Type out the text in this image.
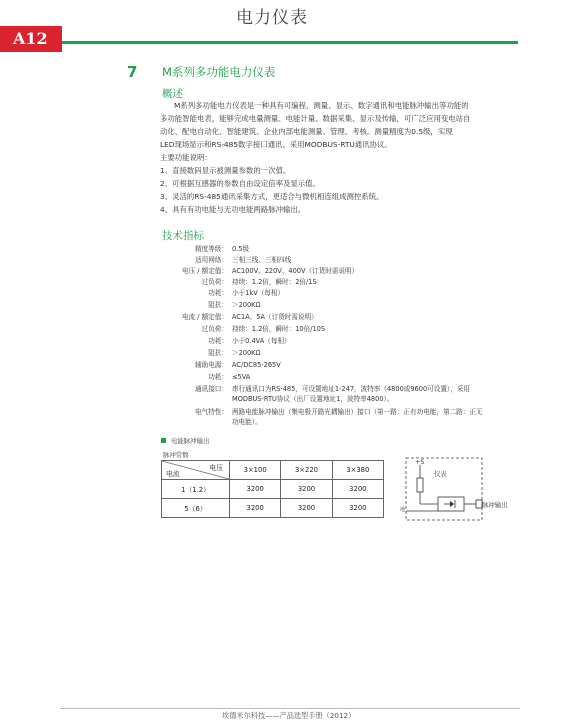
电力仪表
A12
7 M系列多功能电力仪表
概述

M系列多功能电力仪表是一种具有可编程、测量、显示、数字通讯和电能脉冲输出等功能的

多功能智能电表，能够完成电量测量、电能计量、数据采集、显示及传输，可广泛应用变电站自

动化、配电自动化、智能建筑、企业内部电能测量、管理、考核。测量精度为0.5级，实现

LED现场显示和RS-485数字接口通讯、采用MODBUS-RTU通讯协议。

主要功能说明：

1、直接数码显示被测量参数的一次值。

2、可根据互感器的参数自由设定倍率及显示值。

3、灵活的RS-485通讯采集方式，更适合与微机相连组成测控系统。

4、具有有功电能与无功电能两路脉冲输出。

技术指标
精度等级： 0.5级
适用网络： 三相三线、三相四线
电压 / 额定值： AC100V、220V、400V（订货时需说明）
过负荷： 持续：1.2倍，瞬时：2倍/1S
功耗： 小于1kV（每相）
阻抗： ＞200KΩ
电流 / 额定值： AC1A、5A（订货时需说明）
过负荷： 持续：1.2倍，瞬时：10倍/10S
功耗： 小于0.4VA（每相）
阻抗： ＞200KΩ
辅助电源： AC/DC85-265V
功耗： ≤5VA
通讯接口： 串行通讯口为RS-485，可设置地址1-247，波特率（4800或9600可设置），采用
MODBUS-RTU协议（出厂设置地址1，波特率4800）。
电气特性： 两路电能脉冲输出（集电极开路光耦输出）接口（第一路：正有功电能，第二路：正无
功电能）。
电能脉冲输出
脉冲常数
电压
电流	3×100	3×220	3×380
1（1.2）	3200	3200	3200
5（6）	3200	3200	3200
+5
仪表
脉冲输出
地
埃德米尔科技——产品选型手册（2012）
